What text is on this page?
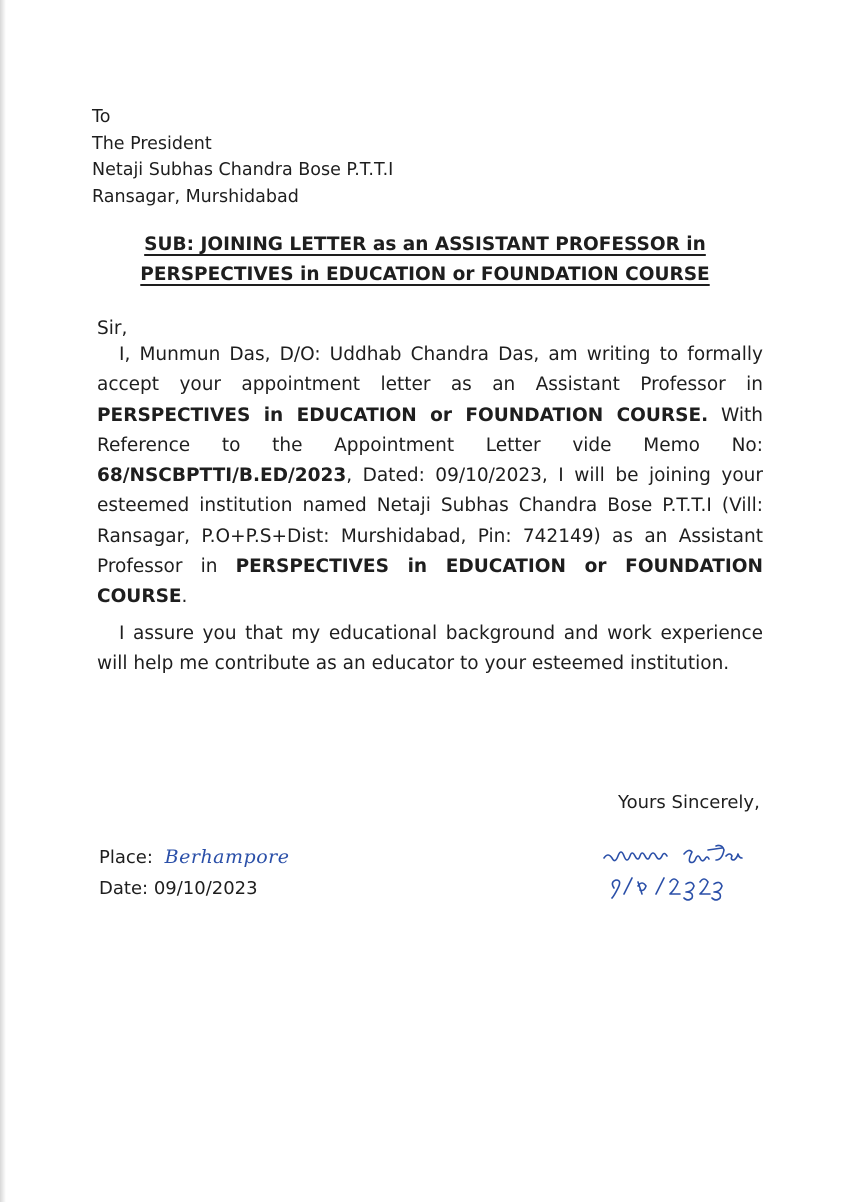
To
The President
Netaji Subhas Chandra Bose P.T.T.I
Ransagar, Murshidabad
SUB: JOINING LETTER as an ASSISTANT PROFESSOR in
PERSPECTIVES in EDUCATION or FOUNDATION COURSE
Sir,

I, Munmun Das, D/O: Uddhab Chandra Das, am writing to formally accept your appointment letter as an Assistant Professor in PERSPECTIVES in EDUCATION or FOUNDATION COURSE. With Reference to the Appointment Letter vide Memo No: 68/NSCBPTTI/B.ED/2023, Dated: 09/10/2023, I will be joining your esteemed institution named Netaji Subhas Chandra Bose P.T.T.I (Vill: Ransagar, P.O+P.S+Dist: Murshidabad, Pin: 742149) as an Assistant Professor in PERSPECTIVES in EDUCATION or FOUNDATION COURSE.

I assure you that my educational background and work experience will help me contribute as an educator to your esteemed institution.

Yours Sincerely,
Place: Berhampore
Date: 09/10/2023
